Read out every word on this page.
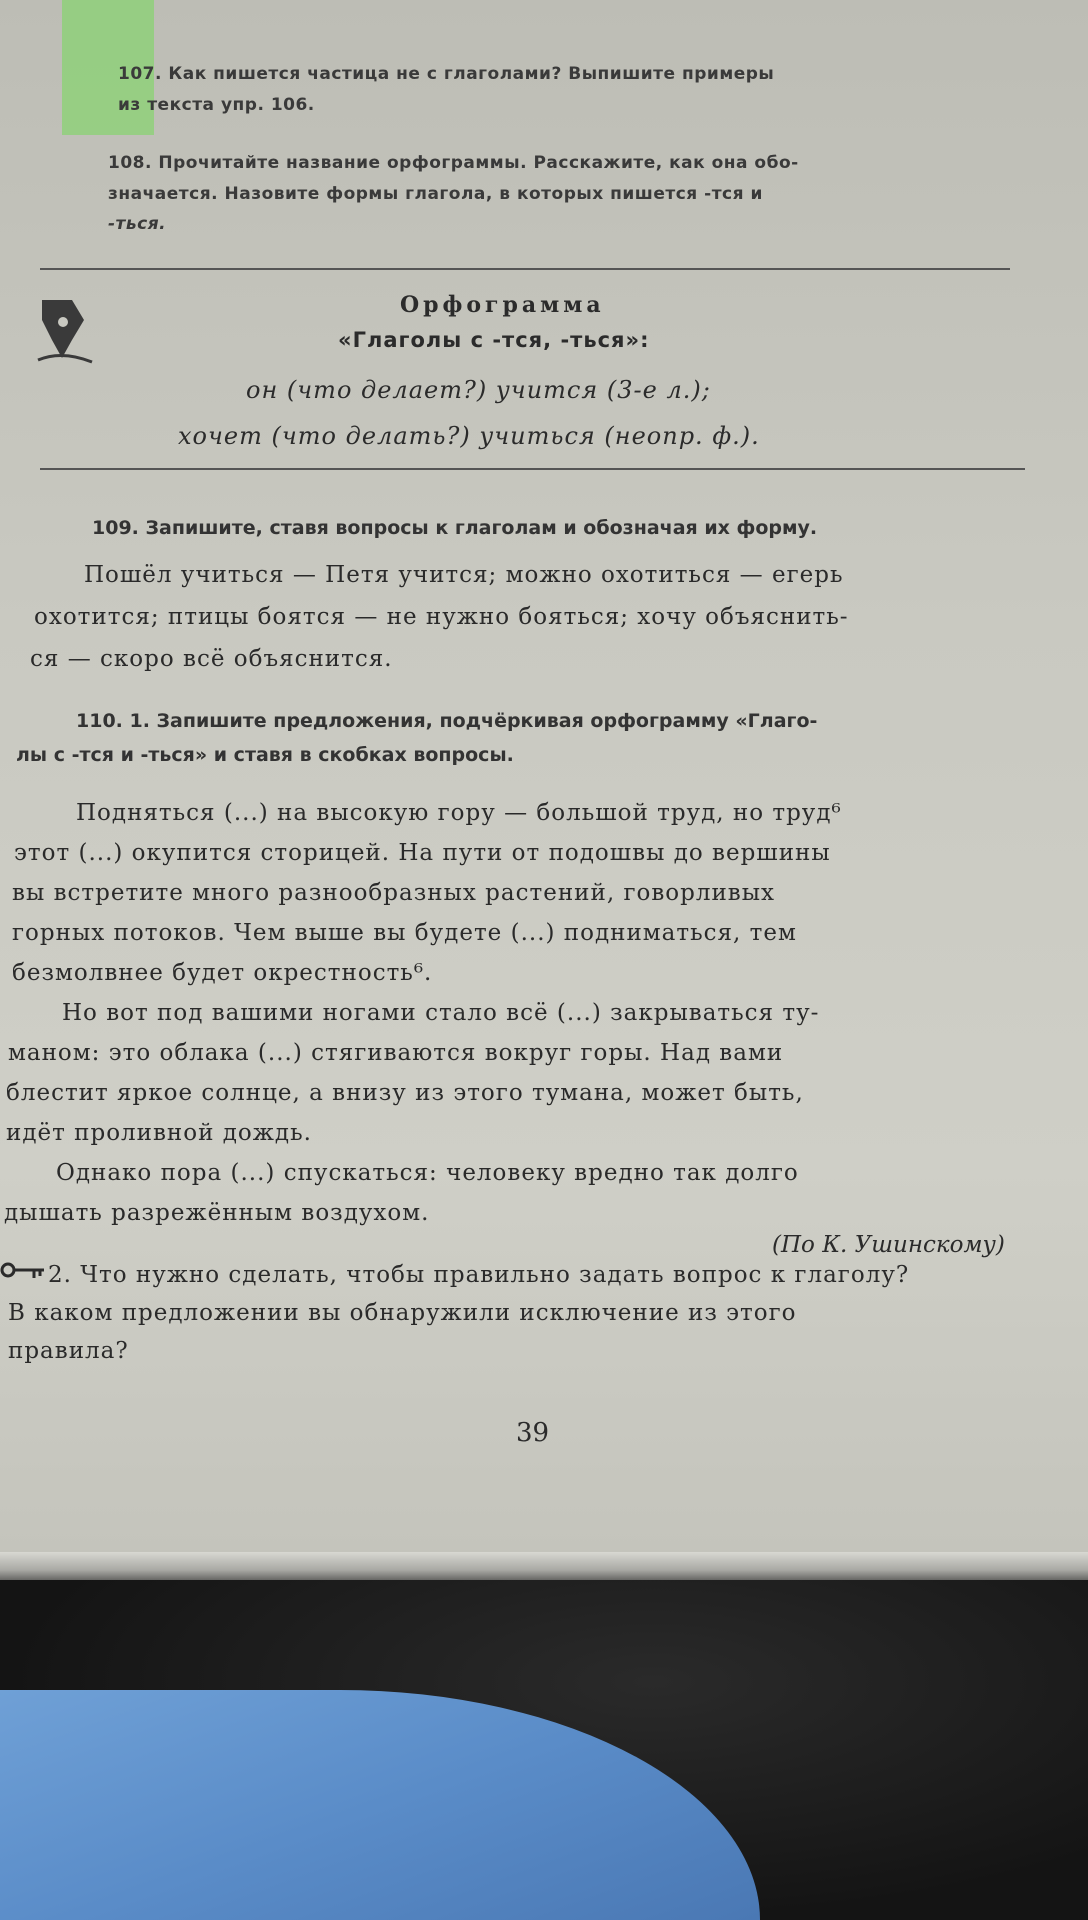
107. Как пишется частица не с глаголами? Выпишите примеры
из текста упр. 106.
108. Прочитайте название орфограммы. Расскажите, как она обо-
значается. Назовите формы глагола, в которых пишется -тся и
-ться.
Орфограмма
«Глаголы с -тся, -ться»:
он (что делает?) учится (3-е л.);
хочет (что делать?) учиться (неопр. ф.).
109. Запишите, ставя вопросы к глаголам и обозначая их форму.
Пошёл учиться — Петя учится; можно охотиться — егерь
охотится; птицы боятся — не нужно бояться; хочу объяснить-
ся — скоро всё объяснится.
110. 1. Запишите предложения, подчёркивая орфограмму «Глаго-
лы с -тся и -ться» и ставя в скобках вопросы.
Подняться (...) на высокую гору — большой труд, но труд⁶
этот (...) окупится сторицей. На пути от подошвы до вершины
вы встретите много разнообразных растений, говорливых
горных потоков. Чем выше вы будете (...) подниматься, тем
безмолвнее будет окрестность⁶.
Но вот под вашими ногами стало всё (...) закрываться ту-
маном: это облака (...) стягиваются вокруг горы. Над вами
блестит яркое солнце, а внизу из этого тумана, может быть,
идёт проливной дождь.
Однако пора (...) спускаться: человеку вредно так долго
дышать разрежённым воздухом.
(По К. Ушинскому)
2. Что нужно сделать, чтобы правильно задать вопрос к глаголу?
В каком предложении вы обнаружили исключение из этого
правила?
39
